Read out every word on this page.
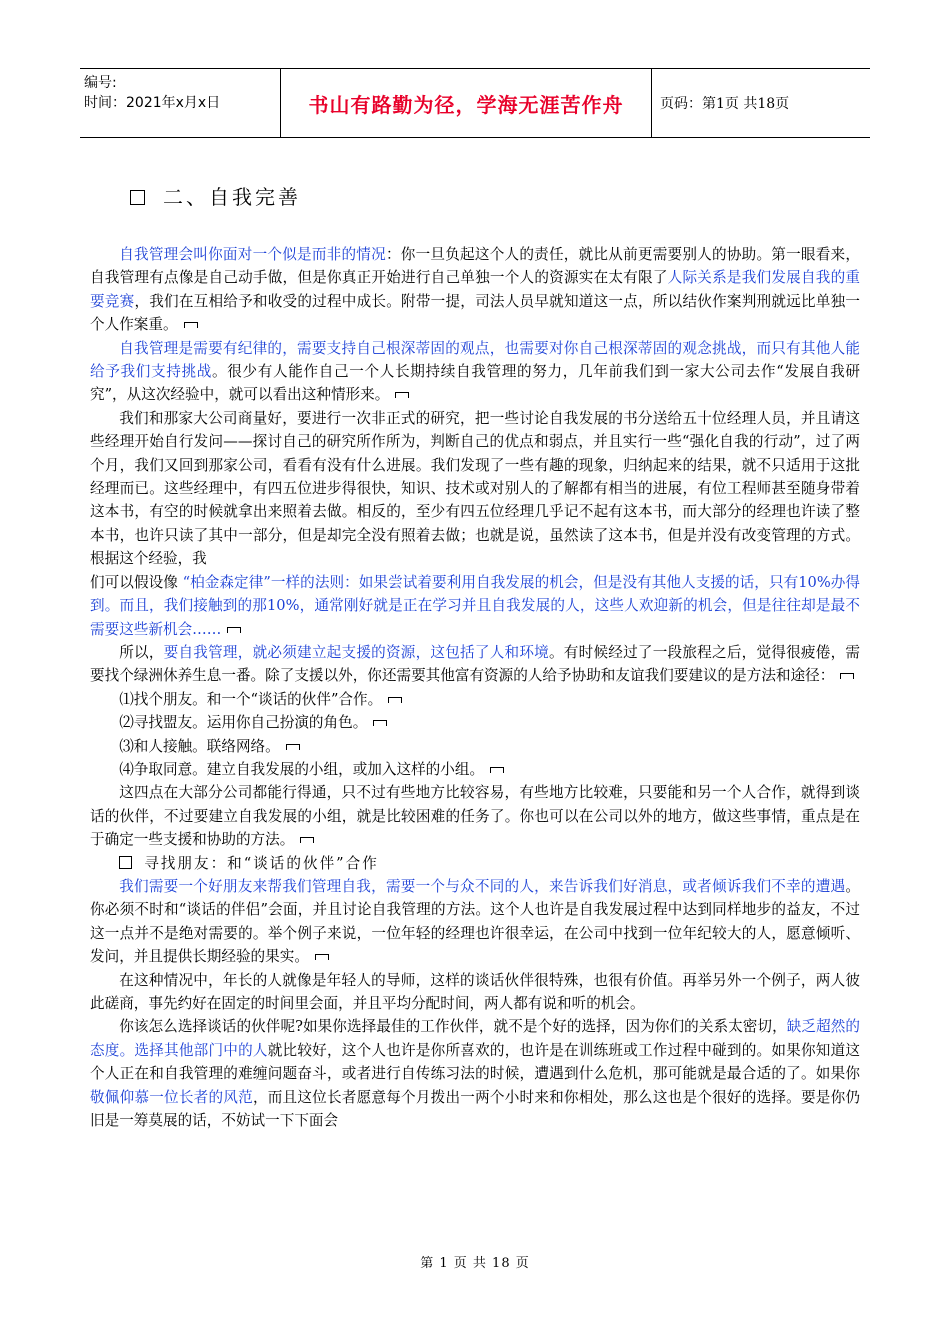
编号:
时间：2021年x月x日	书山有路勤为径，学海无涯苦作舟	页码：第1页 共18页
二、自我完善

自我管理会叫你面对一个似是而非的情况：你一旦负起这个人的责任，就比从前更需要别人的协助。第一眼看来，自我管理有点像是自己动手做，但是你真正开始进行自己单独一个人的资源实在太有限了人际关系是我们发展自我的重要竞赛，我们在互相给予和收受的过程中成长。附带一提，司法人员早就知道这一点，所以结伙作案判刑就远比单独一个人作案重。

自我管理是需要有纪律的，需要支持自己根深蒂固的观点，也需要对你自己根深蒂固的观念挑战，而只有其他人能给予我们支持挑战。很少有人能作自己一个人长期持续自我管理的努力，几年前我们到一家大公司去作“发展自我研究”，从这次经验中，就可以看出这种情形来。

我们和那家大公司商量好，要进行一次非正式的研究，把一些讨论自我发展的书分送给五十位经理人员，并且请这些经理开始自行发问——探讨自己的研究所作所为，判断自己的优点和弱点，并且实行一些“强化自我的行动”，过了两个月，我们又回到那家公司，看看有没有什么进展。我们发现了一些有趣的现象，归纳起来的结果，就不只适用于这批经理而已。这些经理中，有四五位进步得很快，知识、技术或对别人的了解都有相当的进展，有位工程师甚至随身带着这本书，有空的时候就拿出来照着去做。相反的，至少有四五位经理几乎记不起有这本书，而大部分的经理也许读了整本书，也许只读了其中一部分，但是却完全没有照着去做；也就是说，虽然读了这本书，但是并没有改变管理的方式。根据这个经验，我

们可以假设像 “柏金森定律”一样的法则：如果尝试着要利用自我发展的机会，但是没有其他人支援的话，只有10%办得到。而且，我们接触到的那10%，通常刚好就是正在学习并且自我发展的人，这些人欢迎新的机会，但是往往却是最不需要这些新机会……

所以，要自我管理，就必须建立起支援的资源，这包括了人和环境。有时候经过了一段旅程之后，觉得很疲倦，需要找个绿洲休养生息一番。除了支援以外，你还需要其他富有资源的人给予协助和友谊我们要建议的是方法和途径：

⑴找个朋友。和一个“谈话的伙伴”合作。

⑵寻找盟友。运用你自己扮演的角色。

⑶和人接触。联络网络。

⑷争取同意。建立自我发展的小组，或加入这样的小组。

这四点在大部分公司都能行得通，只不过有些地方比较容易，有些地方比较难，只要能和另一个人合作，就得到谈话的伙伴，不过要建立自我发展的小组，就是比较困难的任务了。你也可以在公司以外的地方，做这些事情，重点是在于确定一些支援和协助的方法。

寻找朋友：和“谈话的伙伴”合作

我们需要一个好朋友来帮我们管理自我，需要一个与众不同的人，来告诉我们好消息，或者倾诉我们不幸的遭遇。你必须不时和“谈话的伴侣”会面，并且讨论自我管理的方法。这个人也许是自我发展过程中达到同样地步的益友，不过这一点并不是绝对需要的。举个例子来说，一位年轻的经理也许很幸运，在公司中找到一位年纪较大的人，愿意倾听、发问，并且提供长期经验的果实。

在这种情况中，年长的人就像是年轻人的导师，这样的谈话伙伴很特殊，也很有价值。再举另外一个例子，两人彼此磋商，事先约好在固定的时间里会面，并且平均分配时间，两人都有说和听的机会。

你该怎么选择谈话的伙伴呢?如果你选择最佳的工作伙伴，就不是个好的选择，因为你们的关系太密切，缺乏超然的态度。选择其他部门中的人就比较好，这个人也许是你所喜欢的，也许是在训练班或工作过程中碰到的。如果你知道这个人正在和自我管理的难缠问题奋斗，或者进行自传练习法的时候，遭遇到什么危机，那可能就是最合适的了。如果你敬佩仰慕一位长者的风范，而且这位长者愿意每个月拨出一两个小时来和你相处，那么这也是个很好的选择。要是你仍旧是一筹莫展的话，不妨试一下下面会

第 1 页 共 18 页
